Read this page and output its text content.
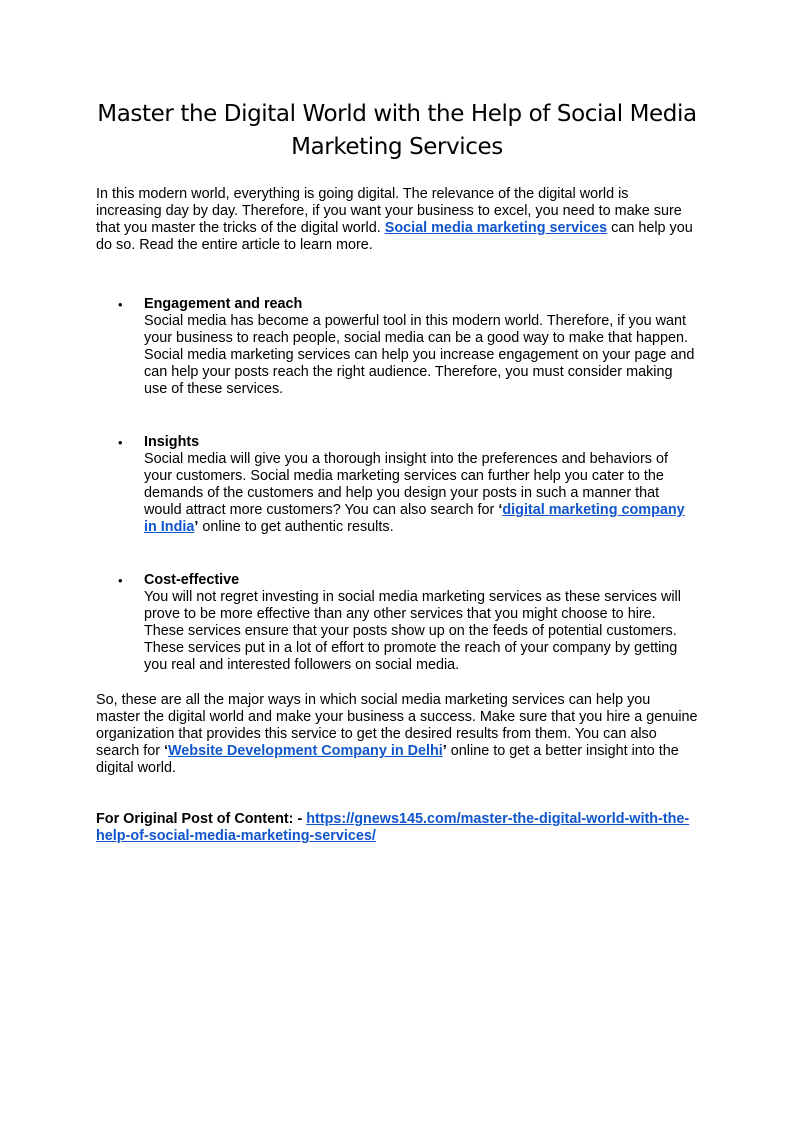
Master the Digital World with the Help of Social Media Marketing Services

In this modern world, everything is going digital. The relevance of the digital world is increasing day by day. Therefore, if you want your business to excel, you need to make sure that you master the tricks of the digital world. Social media marketing services can help you do so. Read the entire article to learn more.

• Engagement and reach

Social media has become a powerful tool in this modern world. Therefore, if you want your business to reach people, social media can be a good way to make that happen. Social media marketing services can help you increase engagement on your page and can help your posts reach the right audience. Therefore, you must consider making use of these services.

• Insights

Social media will give you a thorough insight into the preferences and behaviors of your customers. Social media marketing services can further help you cater to the demands of the customers and help you design your posts in such a manner that would attract more customers? You can also search for ‘digital marketing company in India’ online to get authentic results.

• Cost-effective

You will not regret investing in social media marketing services as these services will prove to be more effective than any other services that you might choose to hire. These services ensure that your posts show up on the feeds of potential customers. These services put in a lot of effort to promote the reach of your company by getting you real and interested followers on social media.

So, these are all the major ways in which social media marketing services can help you master the digital world and make your business a success. Make sure that you hire a genuine organization that provides this service to get the desired results from them. You can also search for ‘Website Development Company in Delhi’ online to get a better insight into the digital world.

For Original Post of Content: - https://gnews145.com/master-the-digital-world-with-the-help-of-social-media-marketing-services/
